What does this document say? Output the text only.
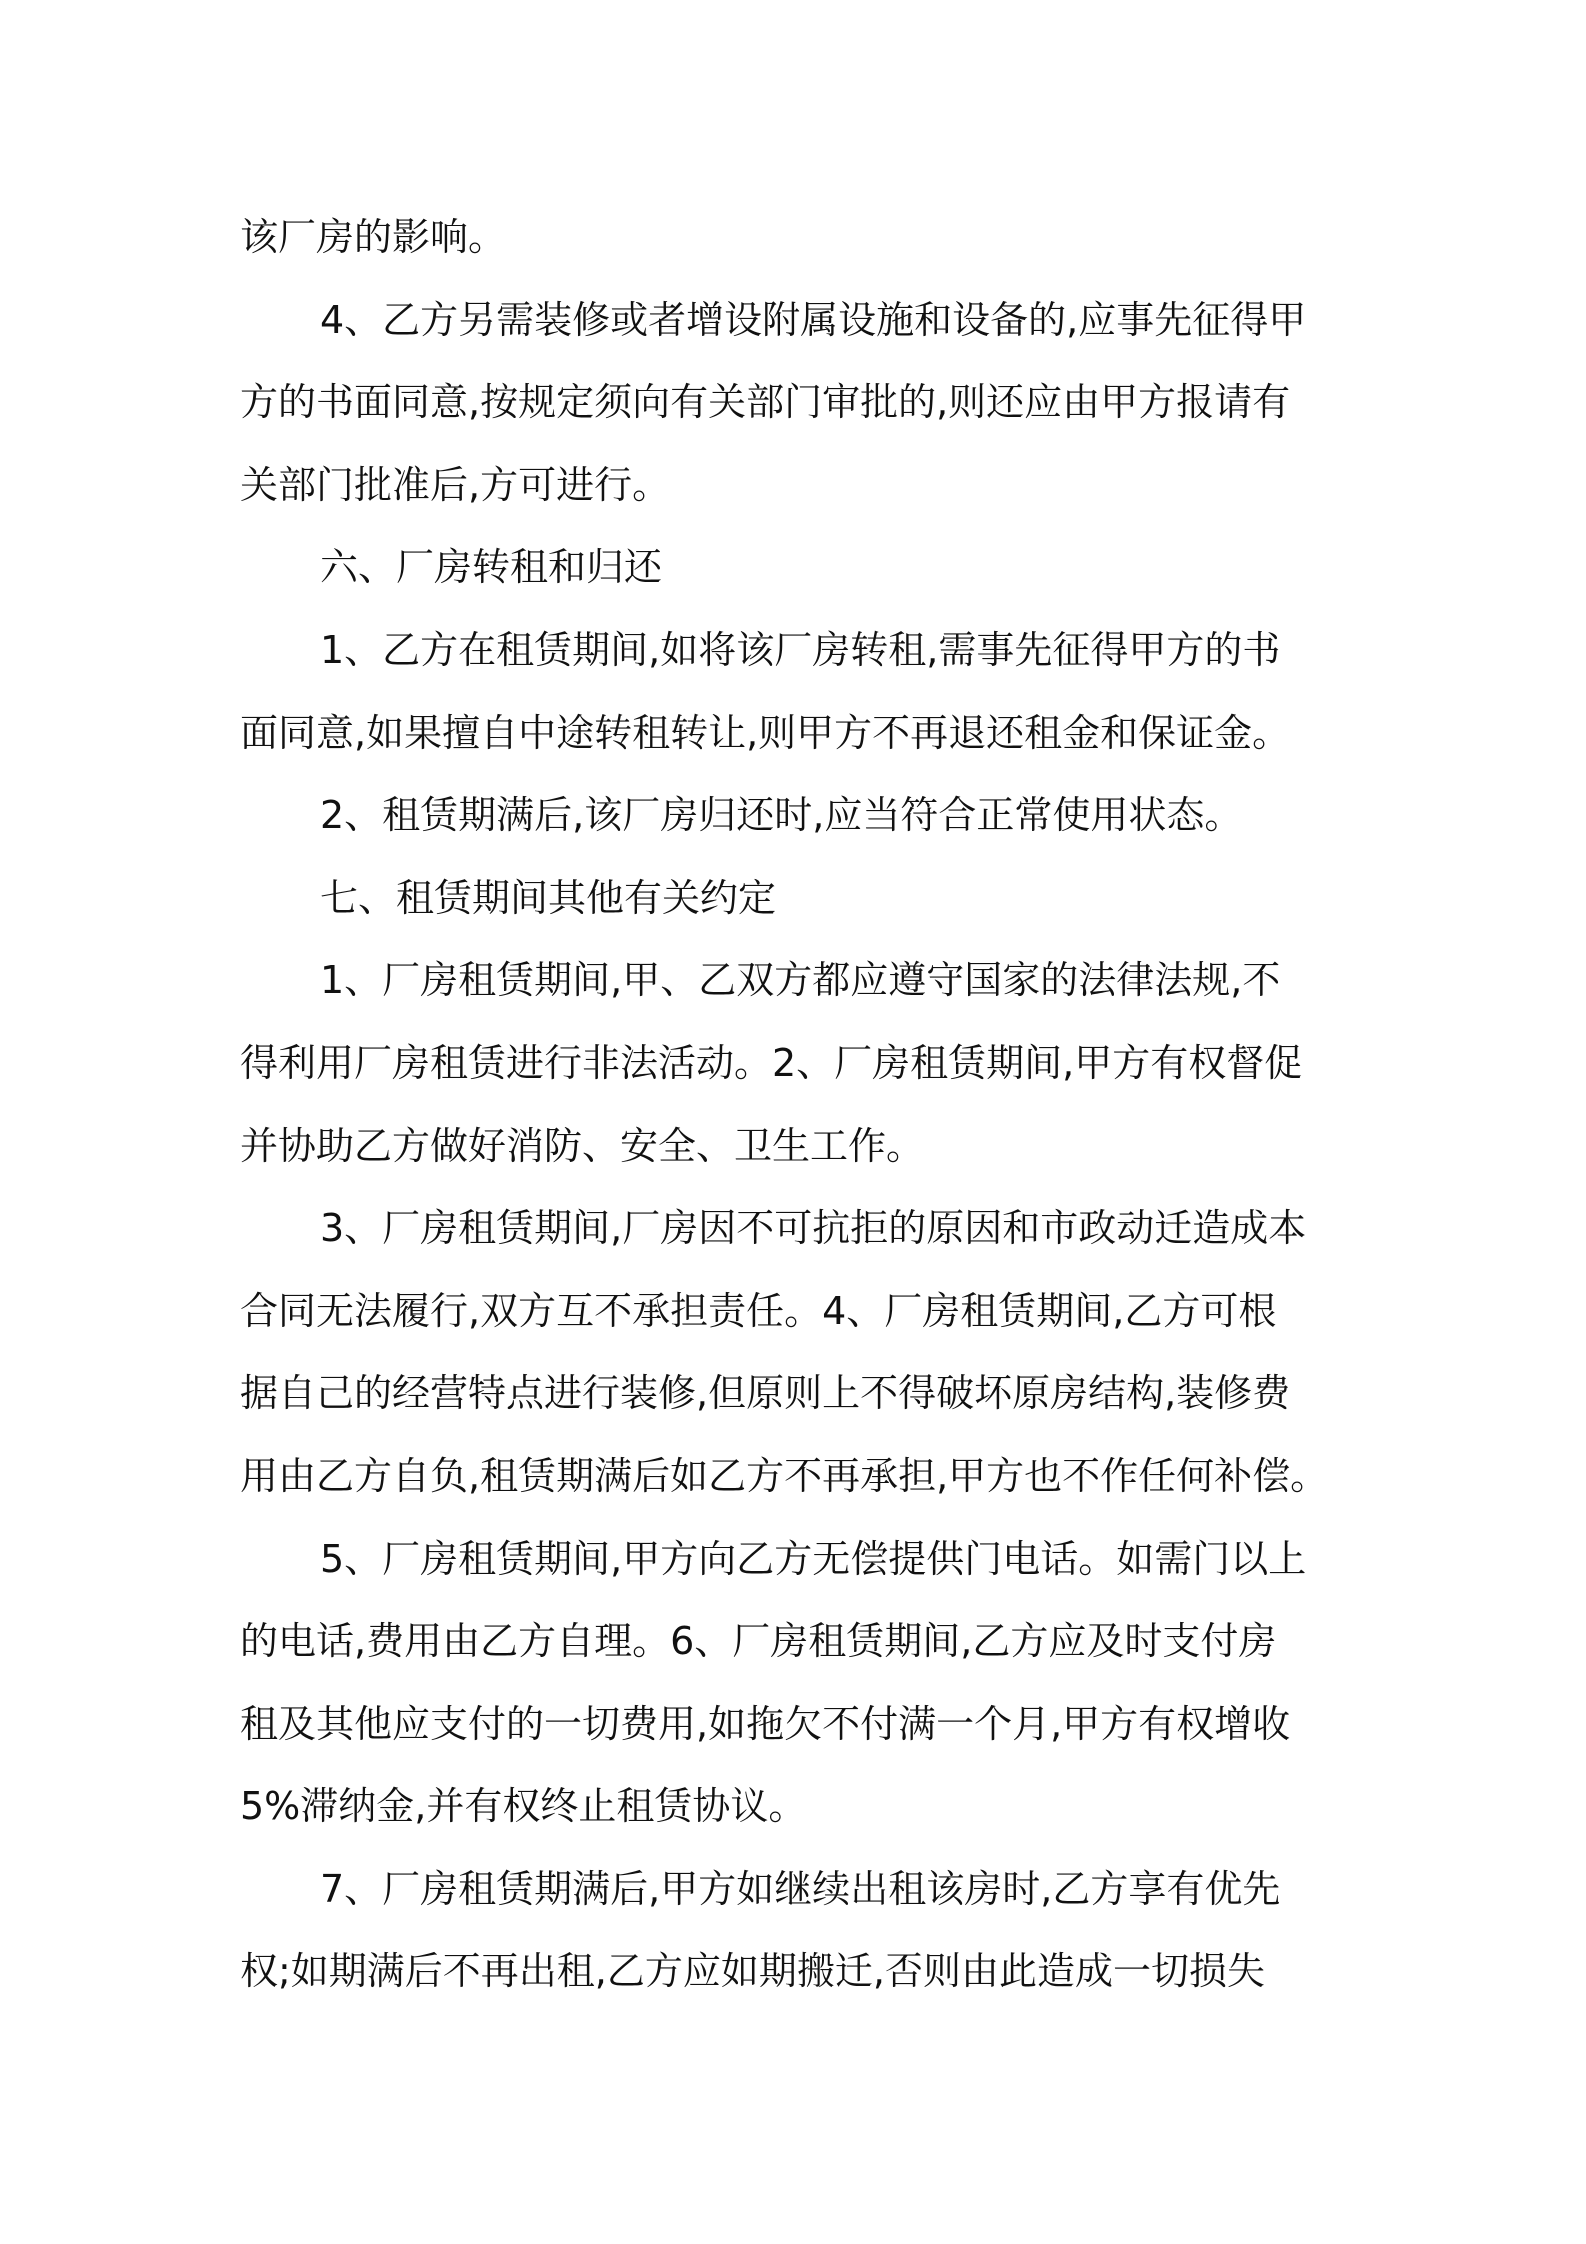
该厂房的影响。
4、乙方另需装修或者增设附属设施和设备的,应事先征得甲
方的书面同意,按规定须向有关部门审批的,则还应由甲方报请有
关部门批准后,方可进行。
六、厂房转租和归还
1、乙方在租赁期间,如将该厂房转租,需事先征得甲方的书
面同意,如果擅自中途转租转让,则甲方不再退还租金和保证金。
2、租赁期满后,该厂房归还时,应当符合正常使用状态。
七、租赁期间其他有关约定
1、厂房租赁期间,甲、乙双方都应遵守国家的法律法规,不
得利用厂房租赁进行非法活动。2、厂房租赁期间,甲方有权督促
并协助乙方做好消防、安全、卫生工作。
3、厂房租赁期间,厂房因不可抗拒的原因和市政动迁造成本
合同无法履行,双方互不承担责任。4、厂房租赁期间,乙方可根
据自己的经营特点进行装修,但原则上不得破坏原房结构,装修费
用由乙方自负,租赁期满后如乙方不再承担,甲方也不作任何补偿。
5、厂房租赁期间,甲方向乙方无偿提供门电话。如需门以上
的电话,费用由乙方自理。6、厂房租赁期间,乙方应及时支付房
租及其他应支付的一切费用,如拖欠不付满一个月,甲方有权增收
5%滞纳金,并有权终止租赁协议。
7、厂房租赁期满后,甲方如继续出租该房时,乙方享有优先
权;如期满后不再出租,乙方应如期搬迁,否则由此造成一切损失
